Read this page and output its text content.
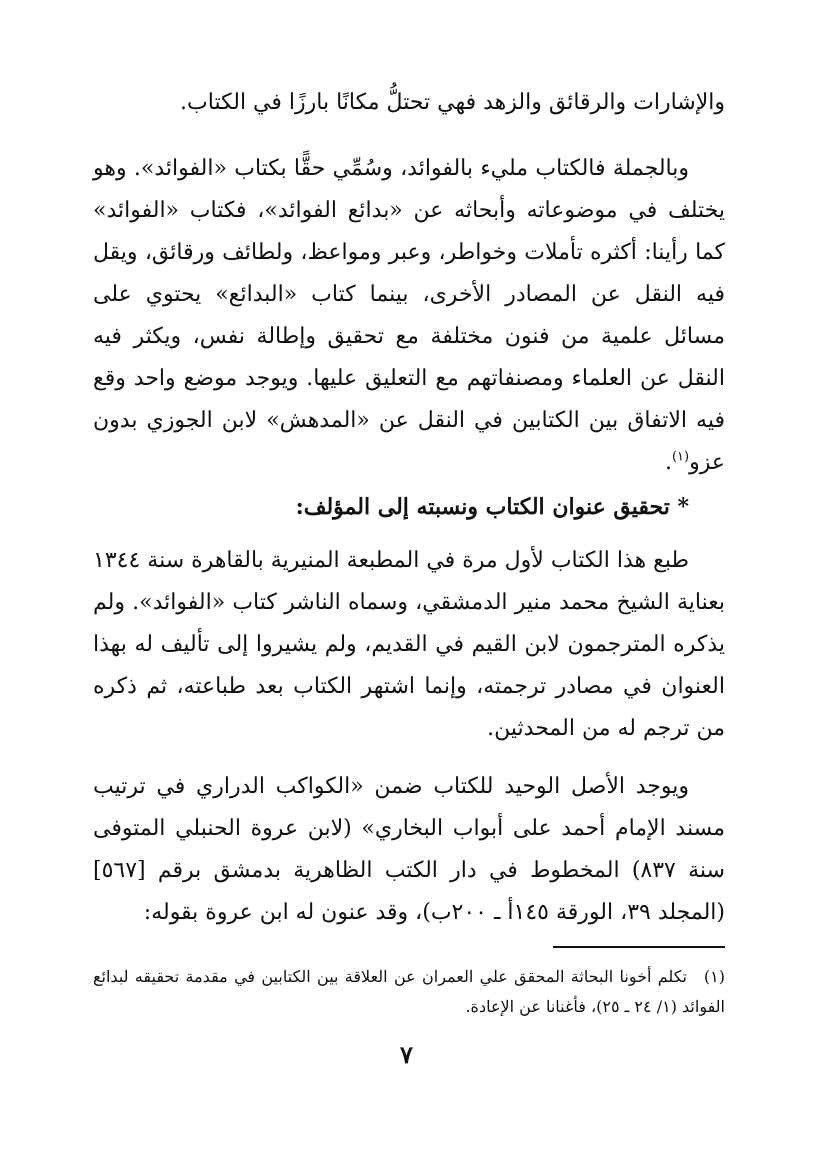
والإشارات والرقائق والزهد فهي تحتلُّ مكانًا بارزًا في الكتاب.

وبالجملة فالكتاب مليء بالفوائد، وسُمِّي حقًّا بكتاب «الفوائد». وهو يختلف في موضوعاته وأبحاثه عن «بدائع الفوائد»، فكتاب «الفوائد» كما رأينا: أكثره تأملات وخواطر، وعبر ومواعظ، ولطائف ورقائق، ويقل فيه النقل عن المصادر الأخرى، بينما كتاب «البدائع» يحتوي على مسائل علمية من فنون مختلفة مع تحقيق وإطالة نفس، ويكثر فيه النقل عن العلماء ومصنفاتهم مع التعليق عليها. ويوجد موضع واحد وقع فيه الاتفاق بين الكتابين في النقل عن «المدهش» لابن الجوزي بدون عزو$^{(١)}$.

* تحقيق عنوان الكتاب ونسبته إلى المؤلف:

طبع هذا الكتاب لأول مرة في المطبعة المنيرية بالقاهرة سنة ١٣٤٤ بعناية الشيخ محمد منير الدمشقي، وسماه الناشر كتاب «الفوائد». ولم يذكره المترجمون لابن القيم في القديم، ولم يشيروا إلى تأليف له بهذا العنوان في مصادر ترجمته، وإنما اشتهر الكتاب بعد طباعته، ثم ذكره من ترجم له من المحدثين.

ويوجد الأصل الوحيد للكتاب ضمن «الكواكب الدراري في ترتيب مسند الإمام أحمد على أبواب البخاري» (لابن عروة الحنبلي المتوفى سنة ٨٣٧) المخطوط في دار الكتب الظاهرية بدمشق برقم [٥٦٧] (المجلد ٣٩، الورقة ١٤٥أ ـ ٢٠٠ب)، وقد عنون له ابن عروة بقوله:

(١)تكلم أخونا البحاثة المحقق علي العمران عن العلاقة بين الكتابين في مقدمة تحقيقه لبدائع الفوائد (١/ ٢٤ ـ ٢٥)، فأغنانا عن الإعادة.
٧
